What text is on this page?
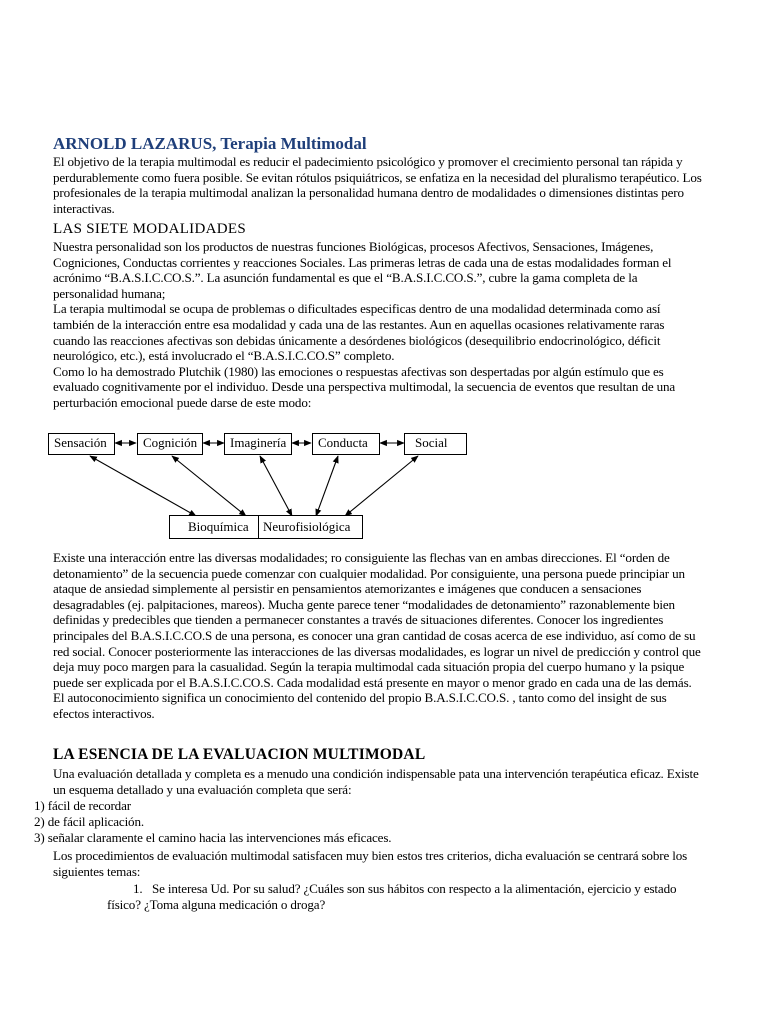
ARNOLD LAZARUS, Terapia Multimodal

El objetivo de la terapia multimodal es reducir el padecimiento psicológico y promover el crecimiento personal tan rápida y perdurablemente como fuera posible. Se evitan rótulos psiquiátricos, se enfatiza en la necesidad del pluralismo terapéutico. Los profesionales de la terapia multimodal analizan la personalidad humana dentro de modalidades o dimensiones distintas pero interactivas.

LAS SIETE MODALIDADES

Nuestra personalidad son los productos de nuestras funciones Biológicas, procesos Afectivos, Sensaciones, Imágenes, Cogniciones, Conductas corrientes y reacciones Sociales. Las primeras letras de cada una de estas modalidades forman el acrónimo “B.A.S.I.C.CO.S.”. La asunción fundamental es que el “B.A.S.I.C.CO.S.”, cubre la gama completa de la personalidad humana;

La terapia multimodal se ocupa de problemas o dificultades especificas dentro de una modalidad determinada como así también de la interacción entre esa modalidad y cada una de las restantes. Aun en aquellas ocasiones relativamente raras cuando las reacciones afectivas son debidas únicamente a desórdenes biológicos (desequilibrio endocrinológico, déficit neurológico, etc.), está involucrado el “B.A.S.I.C.CO.S” completo.

Como lo ha demostrado Plutchik (1980) las emociones o respuestas afectivas son despertadas por algún estímulo que es evaluado cognitivamente por el individuo. Desde una perspectiva multimodal, la secuencia de eventos que resultan de una perturbación emocional puede darse de este modo:

Sensación	Cognición	Imaginería	Conducta	Social
Bioquímica	Neurofisiológica

Existe una interacción entre las diversas modalidades; ro consiguiente las flechas van en ambas direcciones. El “orden de detonamiento” de la secuencia puede comenzar con cualquier modalidad. Por consiguiente, una persona puede principiar un ataque de ansiedad simplemente al persistir en pensamientos atemorizantes e imágenes que conducen a sensaciones desagradables (ej. palpitaciones, mareos). Mucha gente parece tener “modalidades de detonamiento” razonablemente bien definidas y predecibles que tienden a permanecer constantes a través de situaciones diferentes. Conocer los ingredientes principales del B.A.S.I.C.CO.S de una persona, es conocer una gran cantidad de cosas acerca de ese individuo, así como de su red social. Conocer posteriormente las interacciones de las diversas modalidades, es lograr un nivel de predicción y control que deja muy poco margen para la casualidad. Según la terapia multimodal cada situación propia del cuerpo humano y la psique puede ser explicada por el B.A.S.I.C.CO.S. Cada modalidad está presente en mayor o menor grado en cada una de las demás. El autoconocimiento significa un conocimiento del contenido del propio B.A.S.I.C.CO.S. , tanto como del insight de sus efectos interactivos.

LA ESENCIA DE LA EVALUACION MULTIMODAL

Una evaluación detallada y completa es a menudo una condición indispensable pata una intervención terapéutica eficaz. Existe un esquema detallado y una evaluación completa que será:

1) fácil de recordar
2) de fácil aplicación.
3) señalar claramente el camino hacia las intervenciones más eficaces.

Los procedimientos de evaluación multimodal satisfacen muy bien estos tres criterios, dicha evaluación se centrará sobre los siguientes temas:

1. Se interesa Ud. Por su salud? ¿Cuáles son sus hábitos con respecto a la alimentación, ejercicio y estado físico? ¿Toma alguna medicación o droga?
